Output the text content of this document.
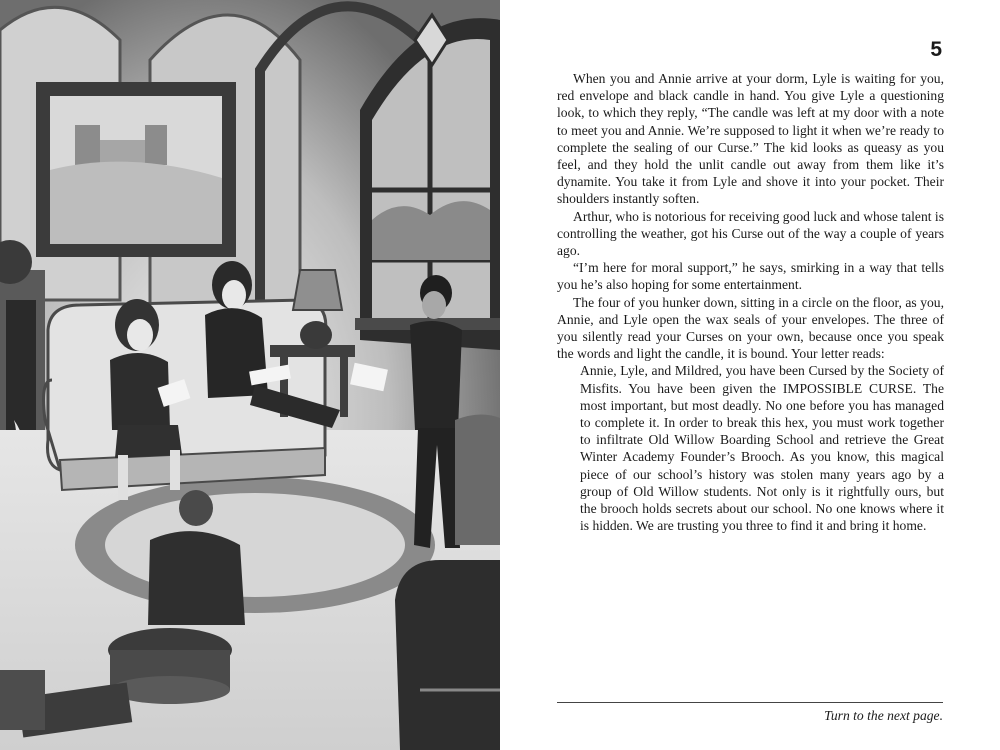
5

When you and Annie arrive at your dorm, Lyle is waiting for you, red envelope and black candle in hand. You give Lyle a questioning look, to which they reply, “The candle was left at my door with a note to meet you and Annie. We’re supposed to light it when we’re ready to complete the sealing of our Curse.” The kid looks as queasy as you feel, and they hold the unlit candle out away from them like it’s dynamite. You take it from Lyle and shove it into your pocket. Their shoulders instantly soften.

Arthur, who is notorious for receiving good luck and whose talent is controlling the weather, got his Curse out of the way a couple of years ago.

“I’m here for moral support,” he says, smirking in a way that tells you he’s also hoping for some entertainment.

The four of you hunker down, sitting in a circle on the floor, as you, Annie, and Lyle open the wax seals of your envelopes. The three of you silently read your Curses on your own, because once you speak the words and light the candle, it is bound. Your letter reads:

Annie, Lyle, and Mildred, you have been Cursed by the Society of Misfits. You have been given the IMPOSSIBLE CURSE. The most important, but most deadly. No one before you has managed to complete it. In order to break this hex, you must work together to infiltrate Old Willow Boarding School and retrieve the Great Winter Academy Founder’s Brooch. As you know, this magical piece of our school’s history was stolen many years ago by a group of Old Willow students. Not only is it rightfully ours, but the brooch holds secrets about our school. No one knows where it is hidden. We are trusting you three to find it and bring it home.

Turn to the next page.
